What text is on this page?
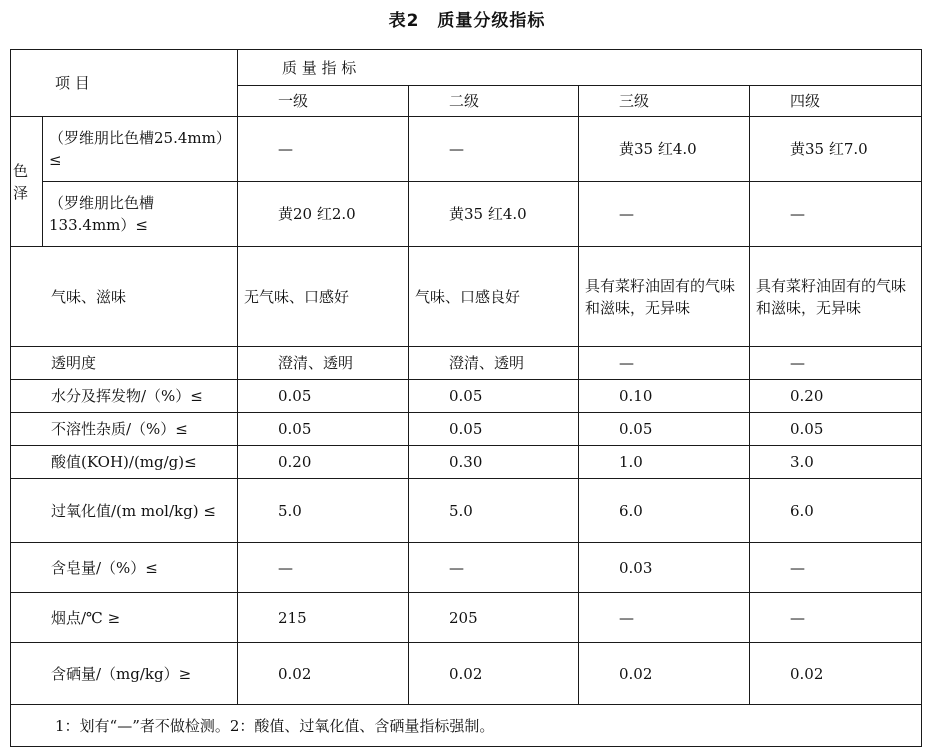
表2　质量分级指标
项 目		质 量 指 标			
		一级	二级	三级	四级

色
泽	（罗维朋比色槽25.4mm）≤	—	—	黄35 红4.0	黄35 红7.0
	（罗维朋比色槽133.4mm）≤	黄20 红2.0	黄35 红4.0	—	—
气味、滋味		无气味、口感好	气味、口感良好	具有菜籽油固有的气味和滋味，无异味	具有菜籽油固有的气味和滋味，无异味
透明度		澄清、透明	澄清、透明	—	—
水分及挥发物/（%）≤		0.05	0.05	0.10	0.20
不溶性杂质/（%）≤		0.05	0.05	0.05	0.05
酸值(KOH)/(mg/g)≤		0.20	0.30	1.0	3.0
过氧化值/(m mol/kg) ≤		5.0	5.0	6.0	6.0
含皂量/（%）≤		—	—	0.03	—
烟点/℃ ≥		215	205	—	—
含硒量/（mg/kg）≥		0.02	0.02	0.02	0.02
1：划有“—”者不做检测。2：酸值、过氧化值、含硒量指标强制。					
